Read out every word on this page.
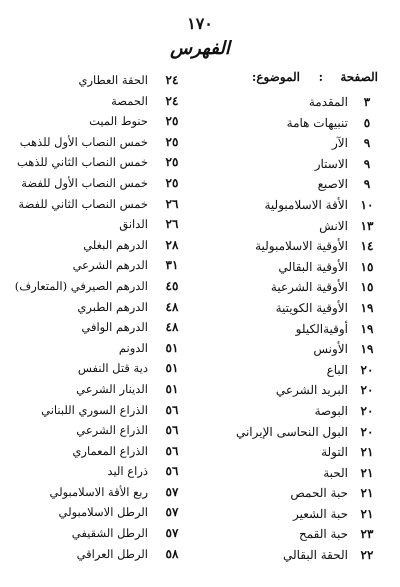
١٧٠
الفهرس
الصفحة
:
الموضوع:
٣
المقدمة
٥
تنبيهات هامة
٩
الآر
٩
الاستار
٩
الاصبع
١٠
الأقة الاسلامبولية
١٣
الانش
١٤
الأوقية الاسلامبولية
١٥
الأوقية البقالي
١٥
الأوقية الشرعية
١٩
الأوقية الكويتية
١٩
أوقيةالكيلو
١٩
الأونس
٢٠
الباع
٢٠
البريد الشرعي
٢٠
البوصة
٢٠
البول النحاسى الإيراني
٢١
التولة
٢١
الحبة
٢١
حبة الحمص
٢١
حبة الشعير
٢٣
حبة القمح
٢٢
الحقة البقالي
٢٤
الحقة العطاري
٢٤
الحمصة
٢٥
حنوط الميت
٢٥
خمس النصاب الأول للذهب
٢٥
خمس النصاب الثاني للذهب
٢٥
خمس النصاب الأول للفضة
٢٦
خمس النصاب الثاني للفضة
٢٦
الدانق
٢٨
الدرهم البغلي
٣١
الدرهم الشرعي
٤٥
الدرهم الصيرفي (المتعارف)
٤٨
الدرهم الطبري
٤٨
الدرهم الوافي
٥١
الدونم
٥١
دية قتل النفس
٥١
الدينار الشرعي
٥٦
الذراع السوري اللبناني
٥٦
الذراع الشرعي
٥٦
الذراع المعماري
٥٦
ذراع اليد
٥٧
ربع الأقة الاسلامبولي
٥٧
الرطل الاسلامبولي
٥٧
الرطل الشقيفي
٥٨
الرطل العراقي
